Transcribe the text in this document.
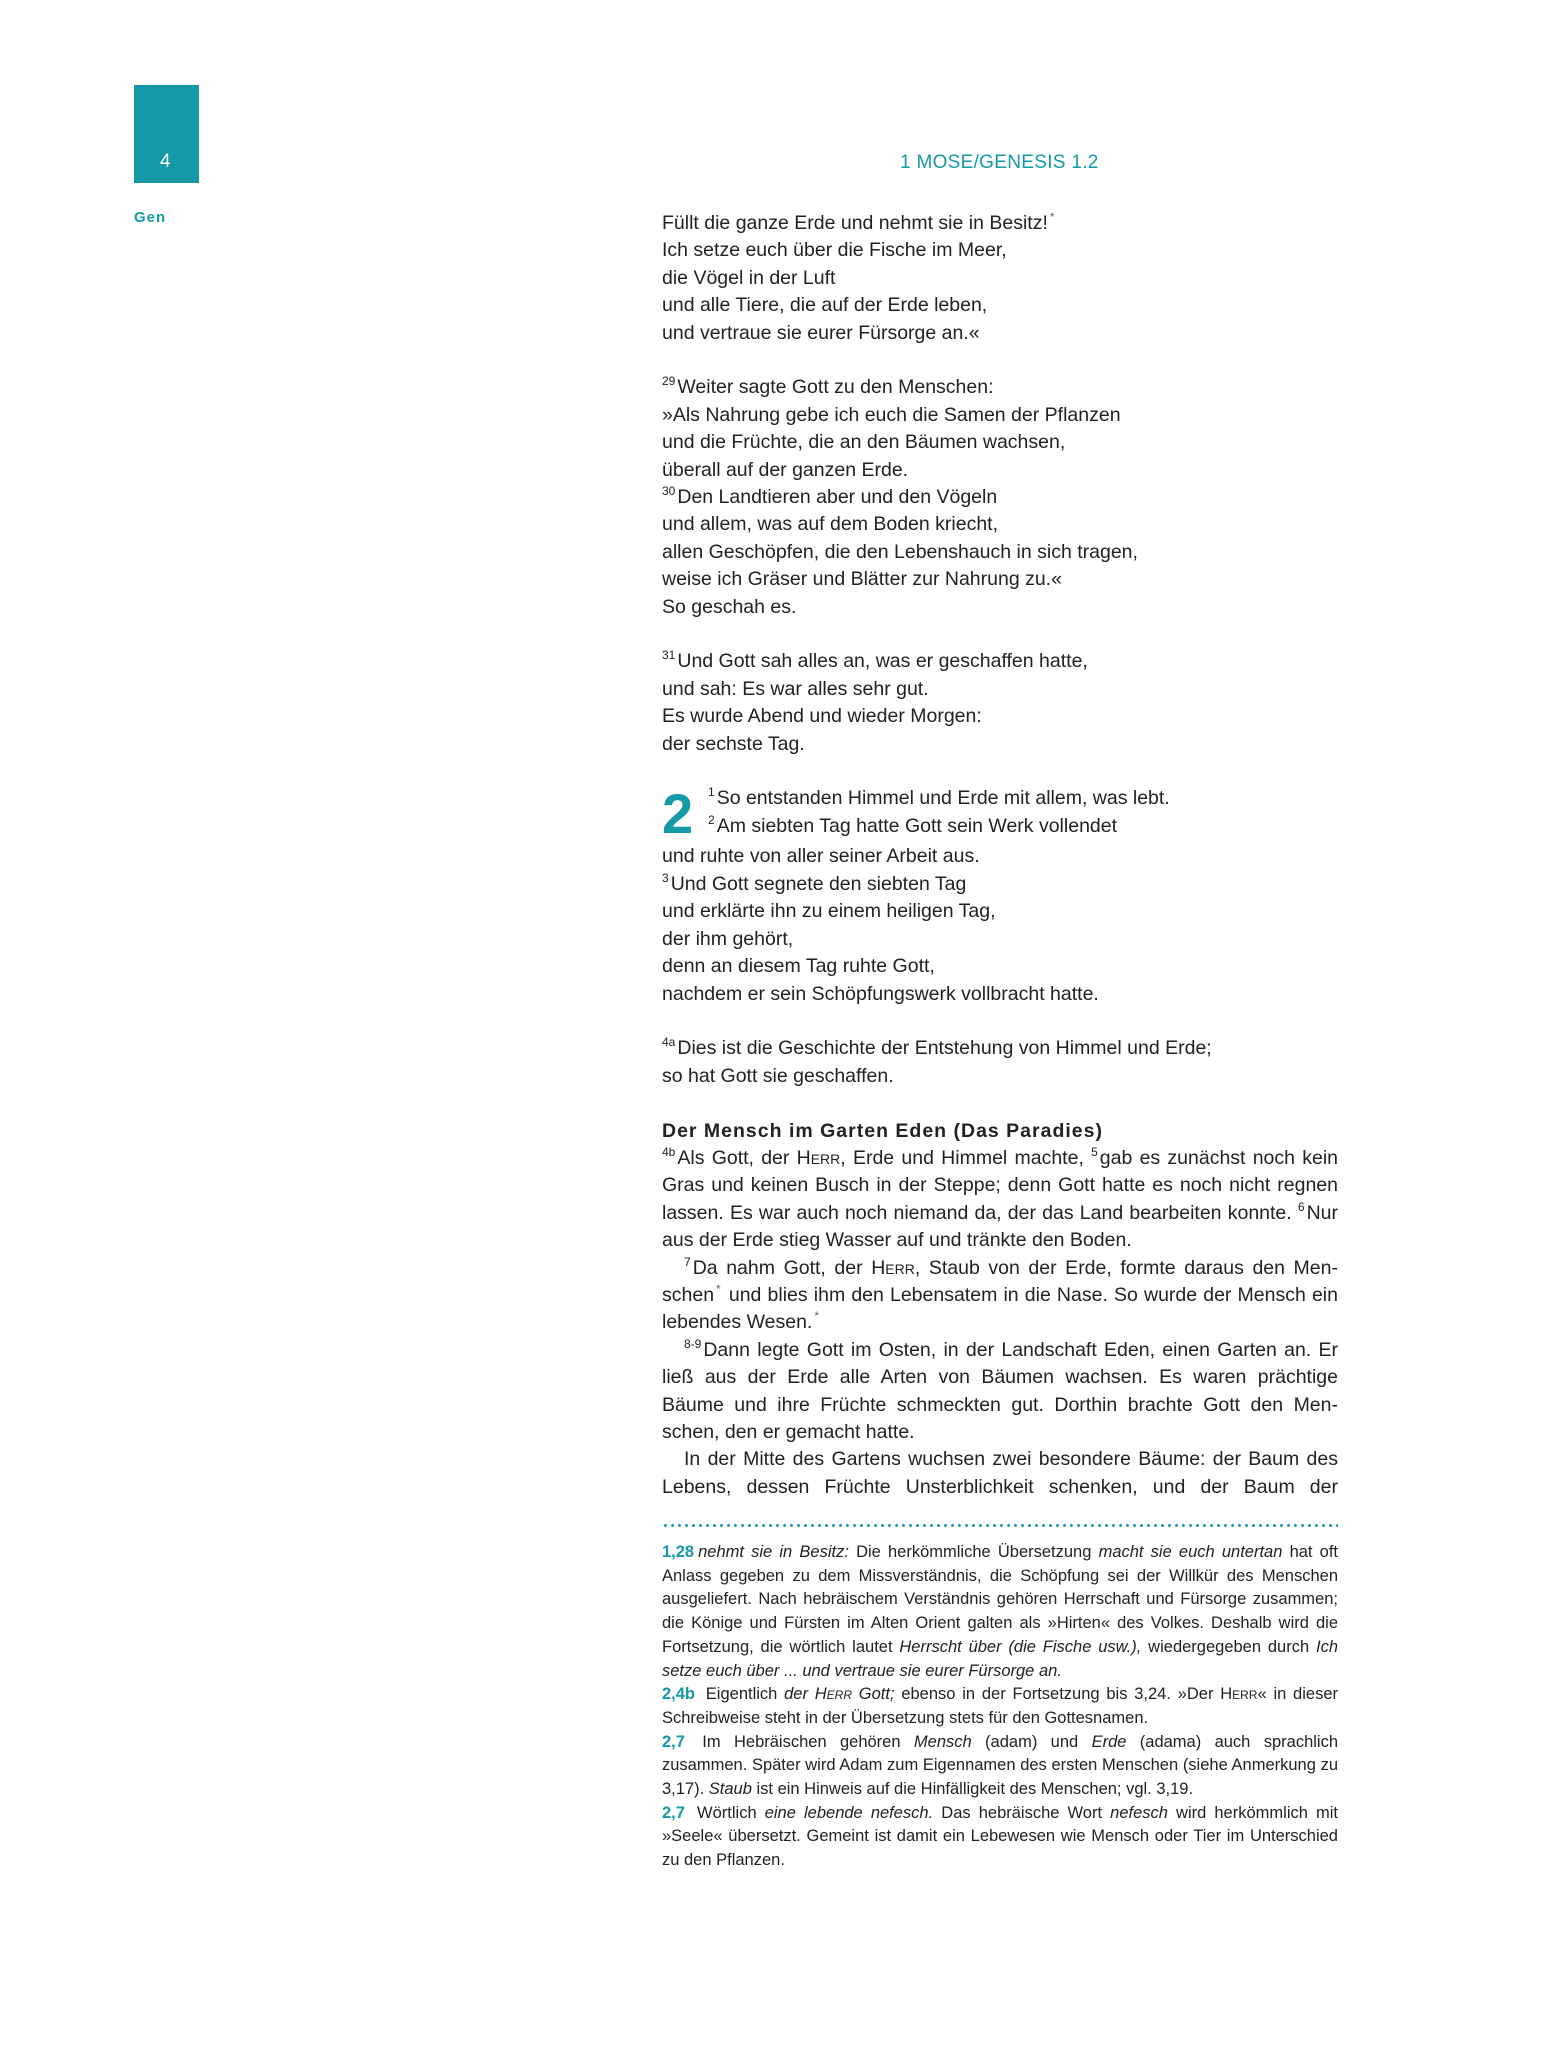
4
Gen
1 MOSE/GENESIS 1.2
Füllt die ganze Erde und nehmt sie in Besitz! *
Ich setze euch über die Fische im Meer,
die Vögel in der Luft
und alle Tiere, die auf der Erde leben,
und vertraue sie eurer Fürsorge an.«
$^{29}$ Weiter sagte Gott zu den Menschen:
»Als Nahrung gebe ich euch die Samen der Pflanzen
und die Früchte, die an den Bäumen wachsen,
überall auf der ganzen Erde.
$^{30}$ Den Landtieren aber und den Vögeln
und allem, was auf dem Boden kriecht,
allen Geschöpfen, die den Lebenshauch in sich tragen,
weise ich Gräser und Blätter zur Nahrung zu.«
So geschah es.
$^{31}$ Und Gott sah alles an, was er geschaffen hatte,
und sah: Es war alles sehr gut.
Es wurde Abend und wieder Morgen:
der sechste Tag.
2	$^1$ So entstanden Himmel und Erde mit allem, was lebt.
$^2$ Am siebten Tag hatte Gott sein Werk vollendet
und ruhte von aller seiner Arbeit aus.
$^3$ Und Gott segnete den siebten Tag
und erklärte ihn zu einem heiligen Tag,
der ihm gehört,
denn an diesem Tag ruhte Gott,
nachdem er sein Schöpfungswerk vollbracht hatte.
$^{4a}$ Dies ist die Geschichte der Entstehung von Himmel und Erde;
so hat Gott sie geschaffen.
Der Mensch im Garten Eden (Das Paradies)

$^{4b}$ Als Gott, der Herr, Erde und Himmel machte, $^5$ gab es zunächst noch kein Gras und keinen Busch in der Steppe; denn Gott hatte es noch nicht regnen lassen. Es war auch noch niemand da, der das Land bearbeiten konnte. $^6$ Nur aus der Erde stieg Wasser auf und tränkte den Boden.

$^7$ Da nahm Gott, der Herr, Staub von der Erde, formte daraus den Menschen * und blies ihm den Lebensatem in die Nase. So wurde der Mensch ein lebendes Wesen. *

$^{8-9}$ Dann legte Gott im Osten, in der Landschaft Eden, einen Garten an. Er ließ aus der Erde alle Arten von Bäumen wachsen. Es waren prächtige Bäume und ihre Früchte schmeckten gut. Dorthin brachte Gott den Menschen, den er gemacht hatte.

In der Mitte des Gartens wuchsen zwei besondere Bäume: der Baum des Lebens, dessen Früchte Unsterblichkeit schenken, und der Baum der

1,28 nehmt sie in Besitz: Die herkömmliche Übersetzung macht sie euch untertan hat oft Anlass gegeben zu dem Missverständnis, die Schöpfung sei der Willkür des Menschen ausgeliefert. Nach hebräischem Verständnis gehören Herrschaft und Fürsorge zusammen; die Könige und Fürsten im Alten Orient galten als »Hirten« des Volkes. Deshalb wird die Fortsetzung, die wörtlich lautet Herrscht über (die Fische usw.), wiedergegeben durch Ich setze euch über ... und vertraue sie eurer Fürsorge an.

2,4b Eigentlich der Herr Gott; ebenso in der Fortsetzung bis 3,24. »Der Herr« in dieser Schreibweise steht in der Übersetzung stets für den Gottesnamen.

2,7 Im Hebräischen gehören Mensch (adam) und Erde (adama) auch sprachlich zusammen. Später wird Adam zum Eigennamen des ersten Menschen (siehe Anmerkung zu 3,17). Staub ist ein Hinweis auf die Hinfälligkeit des Menschen; vgl. 3,19.

2,7 Wörtlich eine lebende nefesch. Das hebräische Wort nefesch wird herkömmlich mit »Seele« übersetzt. Gemeint ist damit ein Lebewesen wie Mensch oder Tier im Unterschied zu den Pflanzen.
